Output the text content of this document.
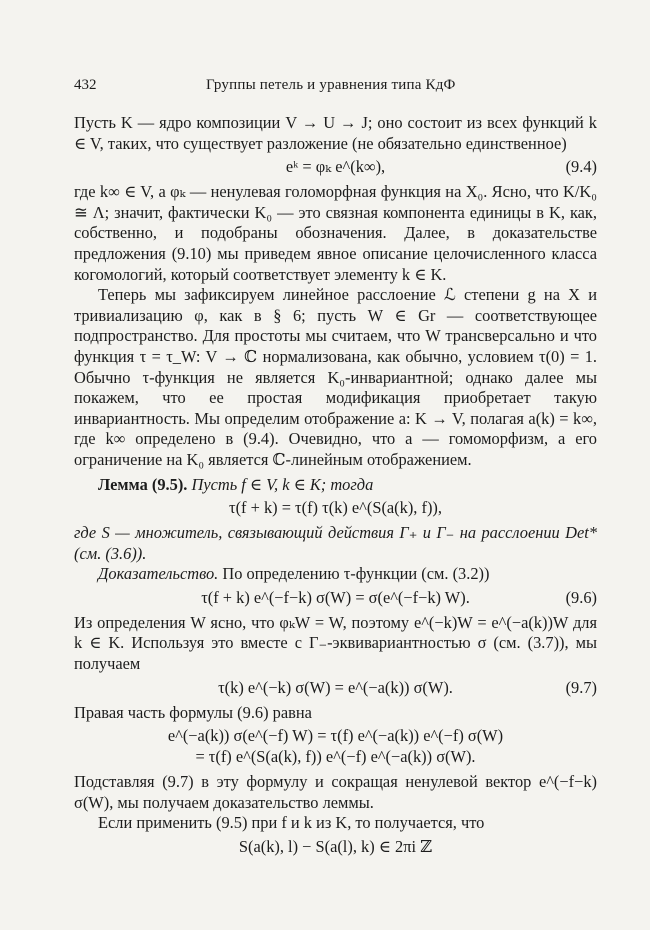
432	Группы петель и уравнения типа КдФ

Пусть K — ядро композиции V → U → J; оно состоит из всех функций k ∈ V, таких, что существует разложение (не обязательно единственное)

eᵏ = φₖ e^(k∞),	(9.4)

где k∞ ∈ V, а φₖ — ненулевая голоморфная функция на X₀. Ясно, что K/K₀ ≅ Λ; значит, фактически K₀ — это связная компонента единицы в K, как, собственно, и подобраны обозначения. Далее, в доказательстве предложения (9.10) мы приведем явное описание целочисленного класса когомологий, который соответствует элементу k ∈ K.

Теперь мы зафиксируем линейное расслоение ℒ степени g на X и тривиализацию φ, как в § 6; пусть W ∈ Gr — соответствующее подпространство. Для простоты мы считаем, что W трансверсально и что функция τ = τ_W: V → ℂ нормализована, как обычно, условием τ(0) = 1. Обычно τ-функция не является K₀-инвариантной; однако далее мы покажем, что ее простая модификация приобретает такую инвариантность. Мы определим отображение a: K → V, полагая a(k) = k∞, где k∞ определено в (9.4). Очевидно, что a — гомоморфизм, а его ограничение на K₀ является ℂ-линейным отображением.

Лемма (9.5). Пусть f ∈ V, k ∈ K; тогда

τ(f + k) = τ(f) τ(k) e^(S(a(k), f)),

где S — множитель, связывающий действия Γ₊ и Γ₋ на расслоении Det* (см. (3.6)).

Доказательство. По определению τ-функции (см. (3.2))

τ(f + k) e^(−f−k) σ(W) = σ(e^(−f−k) W).	(9.6)

Из определения W ясно, что φₖW = W, поэтому e^(−k)W = e^(−a(k))W для k ∈ K. Используя это вместе с Γ₋-эквивариантностью σ (см. (3.7)), мы получаем

τ(k) e^(−k) σ(W) = e^(−a(k)) σ(W).	(9.7)

Правая часть формулы (9.6) равна

e^(−a(k)) σ(e^(−f) W) = τ(f) e^(−a(k)) e^(−f) σ(W)
= τ(f) e^(S(a(k), f)) e^(−f) e^(−a(k)) σ(W).

Подставляя (9.7) в эту формулу и сокращая ненулевой вектор e^(−f−k) σ(W), мы получаем доказательство леммы.

Если применить (9.5) при f и k из K, то получается, что

S(a(k), l) − S(a(l), k) ∈ 2πi ℤ
